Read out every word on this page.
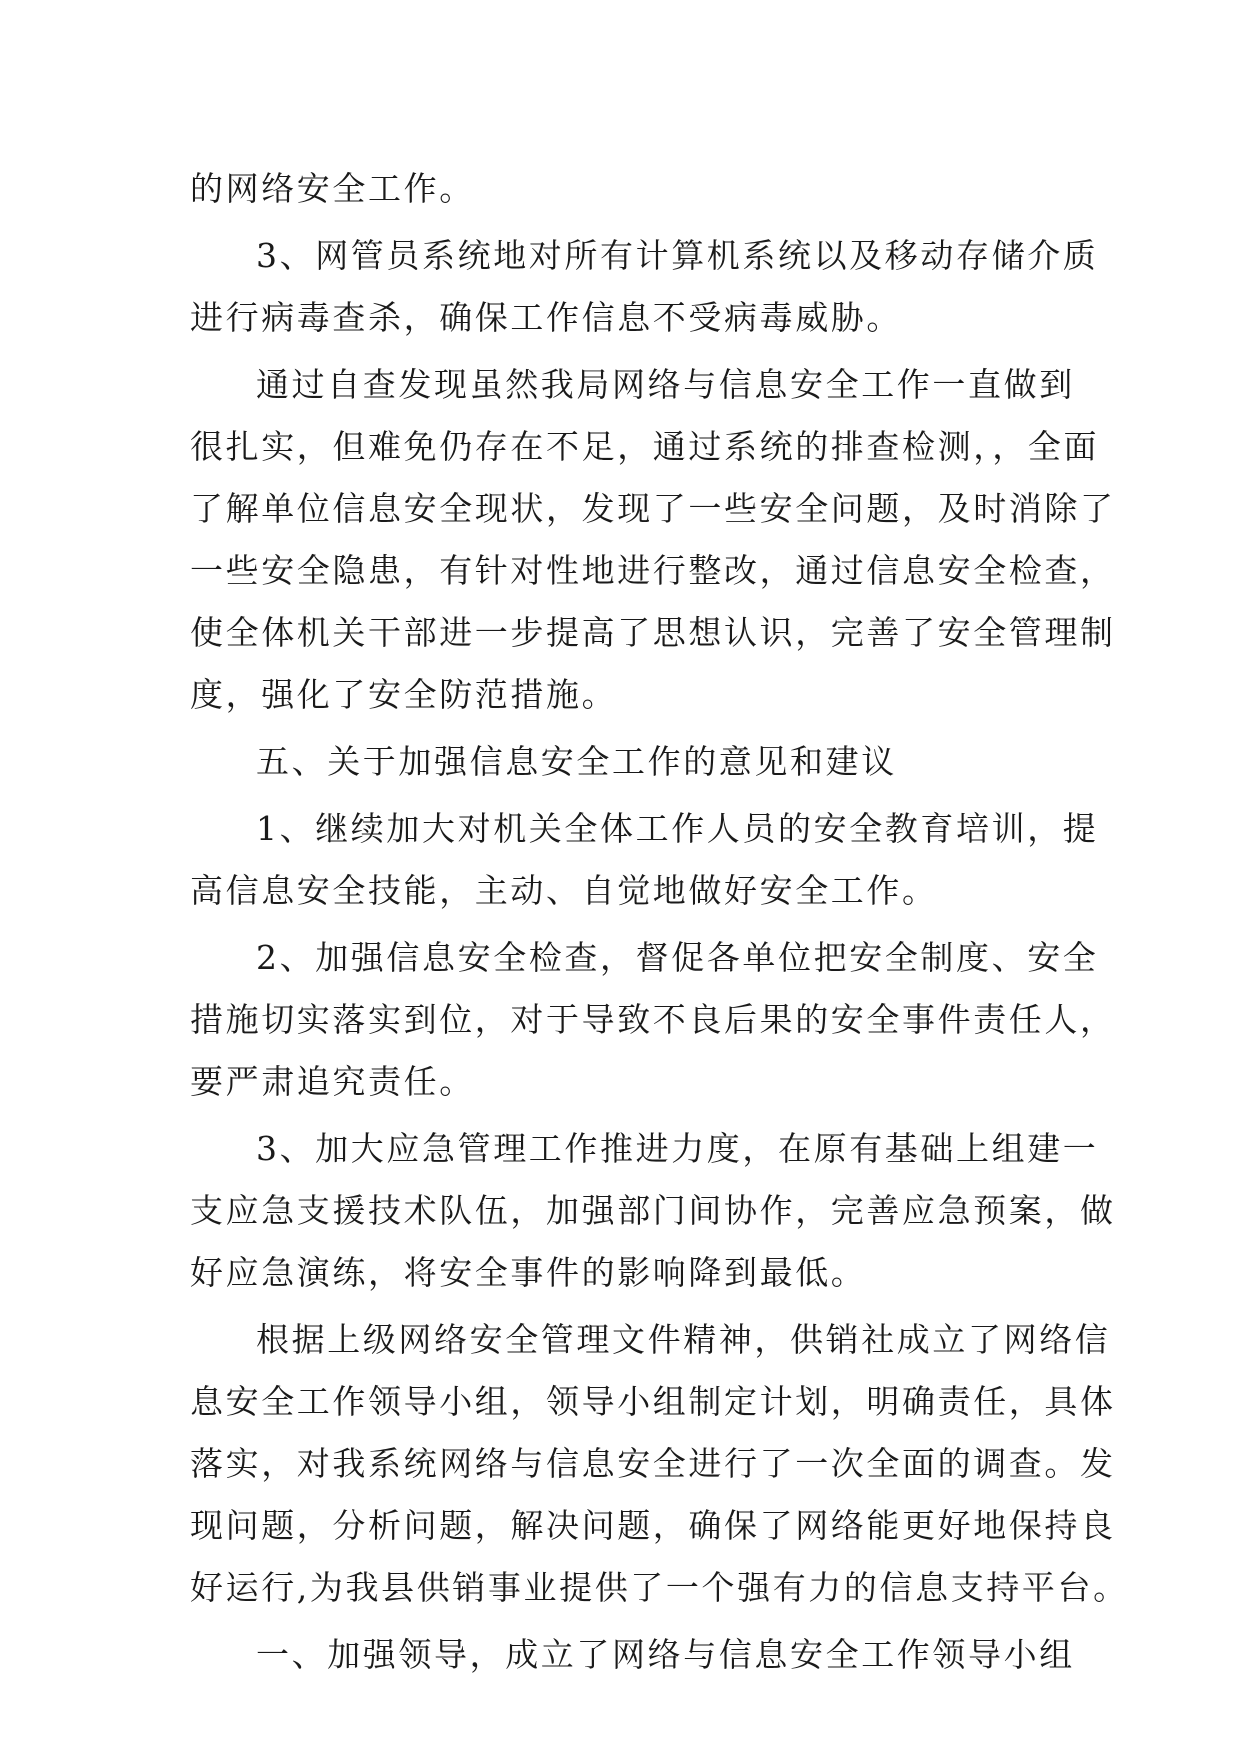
的网络安全工作。
3、网管员系统地对所有计算机系统以及移动存储介质
进行病毒查杀，确保工作信息不受病毒威胁。
通过自查发现虽然我局网络与信息安全工作一直做到
很扎实，但难免仍存在不足，通过系统的排查检测，，全面
了解单位信息安全现状，发现了一些安全问题，及时消除了
一些安全隐患，有针对性地进行整改，通过信息安全检查，
使全体机关干部进一步提高了思想认识，完善了安全管理制
度，强化了安全防范措施。
五、关于加强信息安全工作的意见和建议
1、继续加大对机关全体工作人员的安全教育培训，提
高信息安全技能，主动、自觉地做好安全工作。
2、加强信息安全检查，督促各单位把安全制度、安全
措施切实落实到位，对于导致不良后果的安全事件责任人，
要严肃追究责任。
3、加大应急管理工作推进力度，在原有基础上组建一
支应急支援技术队伍，加强部门间协作，完善应急预案，做
好应急演练，将安全事件的影响降到最低。
根据上级网络安全管理文件精神，供销社成立了网络信
息安全工作领导小组，领导小组制定计划，明确责任，具体
落实，对我系统网络与信息安全进行了一次全面的调查。发
现问题，分析问题，解决问题，确保了网络能更好地保持良
好运行,为我县供销事业提供了一个强有力的信息支持平台。
一、加强领导，成立了网络与信息安全工作领导小组
